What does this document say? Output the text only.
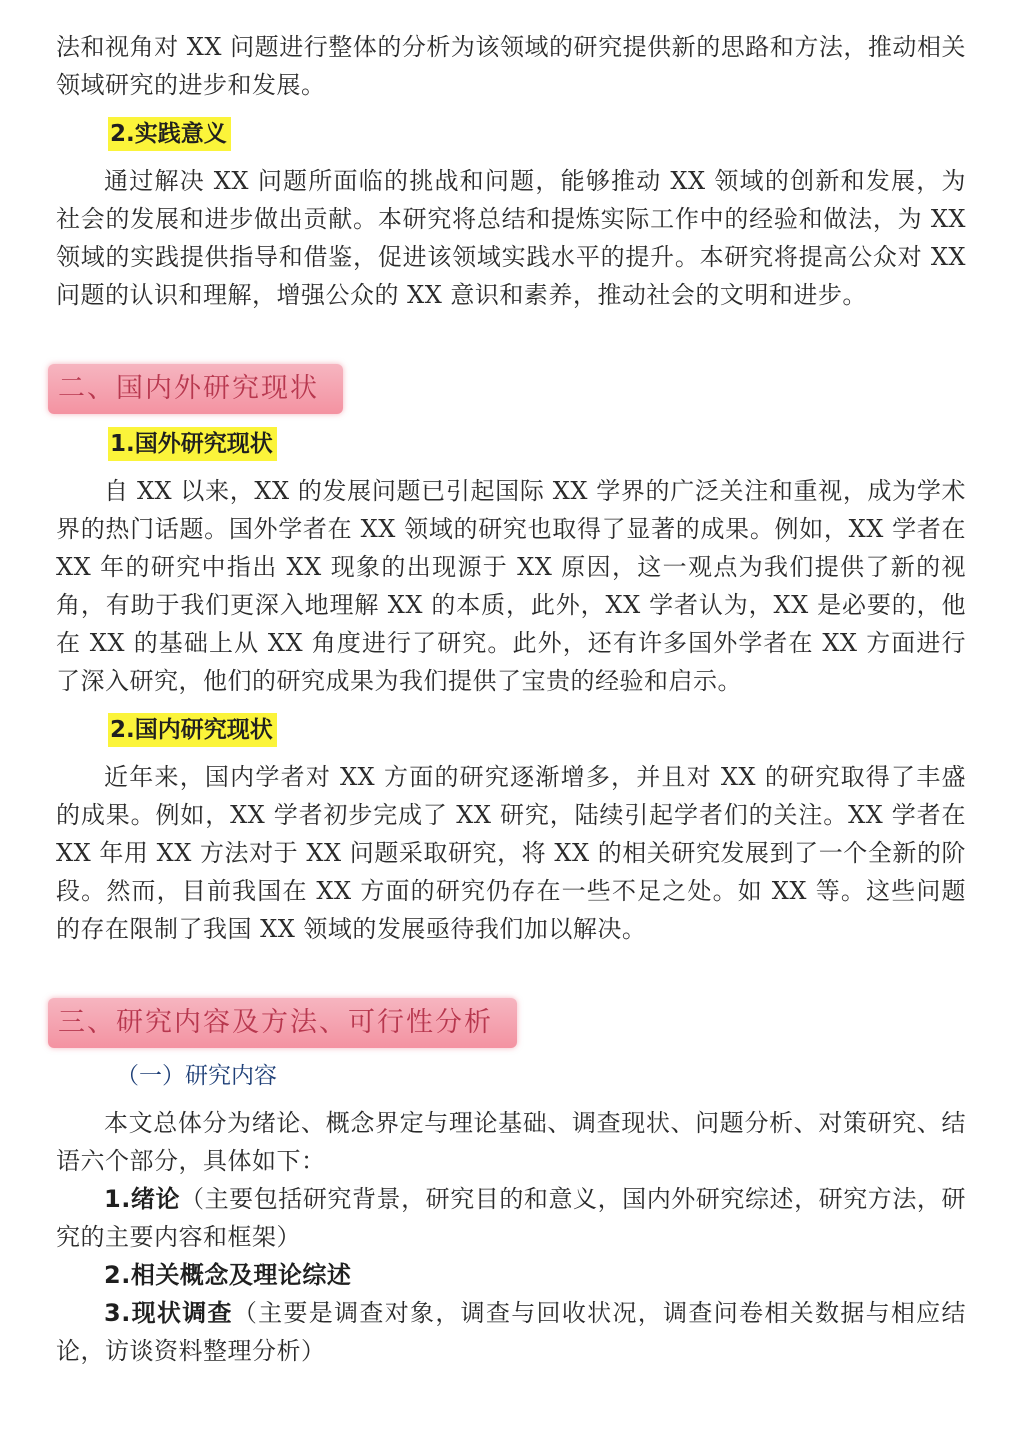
法和视角对 XX 问题进行整体的分析为该领域的研究提供新的思路和方法，推动相关领域研究的进步和发展。

2.实践意义

通过解决 XX 问题所面临的挑战和问题，能够推动 XX 领域的创新和发展，为社会的发展和进步做出贡献。本研究将总结和提炼实际工作中的经验和做法，为 XX 领域的实践提供指导和借鉴，促进该领域实践水平的提升。本研究将提高公众对 XX 问题的认识和理解，增强公众的 XX 意识和素养，推动社会的文明和进步。

二、国内外研究现状
1.国外研究现状

自 XX 以来，XX 的发展问题已引起国际 XX 学界的广泛关注和重视，成为学术界的热门话题。国外学者在 XX 领域的研究也取得了显著的成果。例如，XX 学者在 XX 年的研究中指出 XX 现象的出现源于 XX 原因，这一观点为我们提供了新的视角，有助于我们更深入地理解 XX 的本质，此外，XX 学者认为，XX 是必要的，他在 XX 的基础上从 XX 角度进行了研究。此外，还有许多国外学者在 XX 方面进行了深入研究，他们的研究成果为我们提供了宝贵的经验和启示。

2.国内研究现状

近年来，国内学者对 XX 方面的研究逐渐增多，并且对 XX 的研究取得了丰盛的成果。例如，XX 学者初步完成了 XX 研究，陆续引起学者们的关注。XX 学者在 XX 年用 XX 方法对于 XX 问题采取研究，将 XX 的相关研究发展到了一个全新的阶段。然而，目前我国在 XX 方面的研究仍存在一些不足之处。如 XX 等。这些问题的存在限制了我国 XX 领域的发展亟待我们加以解决。

三、研究内容及方法、可行性分析
（一）研究内容

本文总体分为绪论、概念界定与理论基础、调查现状、问题分析、对策研究、结语六个部分，具体如下：

1.绪论（主要包括研究背景，研究目的和意义，国内外研究综述，研究方法，研究的主要内容和框架）

2.相关概念及理论综述

3.现状调查（主要是调查对象，调查与回收状况，调查问卷相关数据与相应结论，访谈资料整理分析）
